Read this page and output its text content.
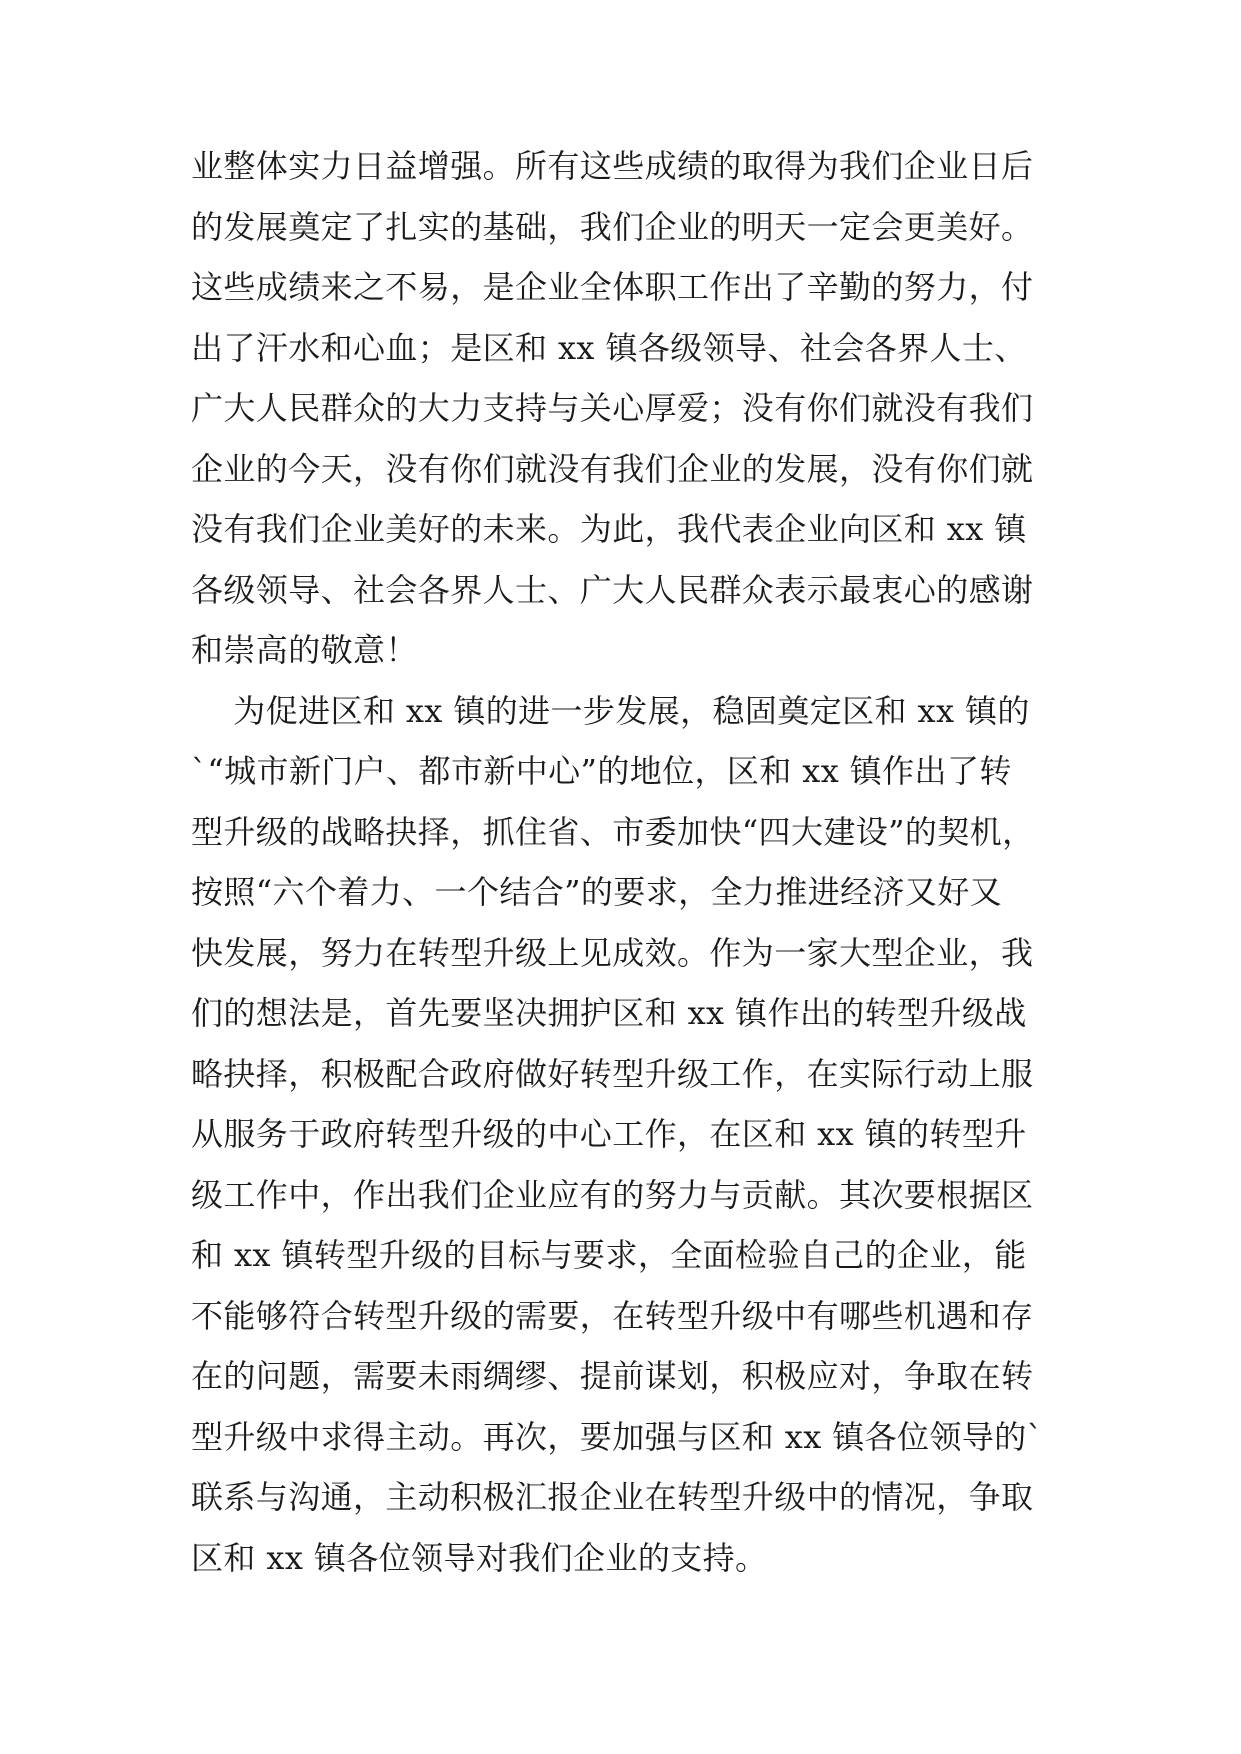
业整体实力日益增强。所有这些成绩的取得为我们企业日后
的发展奠定了扎实的基础，我们企业的明天一定会更美好。
这些成绩来之不易，是企业全体职工作出了辛勤的努力，付
出了汗水和心血；是区和 xx 镇各级领导、社会各界人士、
广大人民群众的大力支持与关心厚爱；没有你们就没有我们
企业的今天，没有你们就没有我们企业的发展，没有你们就
没有我们企业美好的未来。为此，我代表企业向区和 xx 镇
各级领导、社会各界人士、广大人民群众表示最衷心的感谢
和崇高的敬意！
为促进区和 xx 镇的进一步发展，稳固奠定区和 xx 镇的
`“城市新门户、都市新中心”的地位，区和 xx 镇作出了转
型升级的战略抉择，抓住省、市委加快“四大建设”的契机，
按照“六个着力、一个结合”的要求，全力推进经济又好又
快发展，努力在转型升级上见成效。作为一家大型企业，我
们的想法是，首先要坚决拥护区和 xx 镇作出的转型升级战
略抉择，积极配合政府做好转型升级工作，在实际行动上服
从服务于政府转型升级的中心工作，在区和 xx 镇的转型升
级工作中，作出我们企业应有的努力与贡献。其次要根据区
和 xx 镇转型升级的目标与要求，全面检验自己的企业，能
不能够符合转型升级的需要，在转型升级中有哪些机遇和存
在的问题，需要未雨绸缪、提前谋划，积极应对，争取在转
型升级中求得主动。再次，要加强与区和 xx 镇各位领导的`
联系与沟通，主动积极汇报企业在转型升级中的情况，争取
区和 xx 镇各位领导对我们企业的支持。
